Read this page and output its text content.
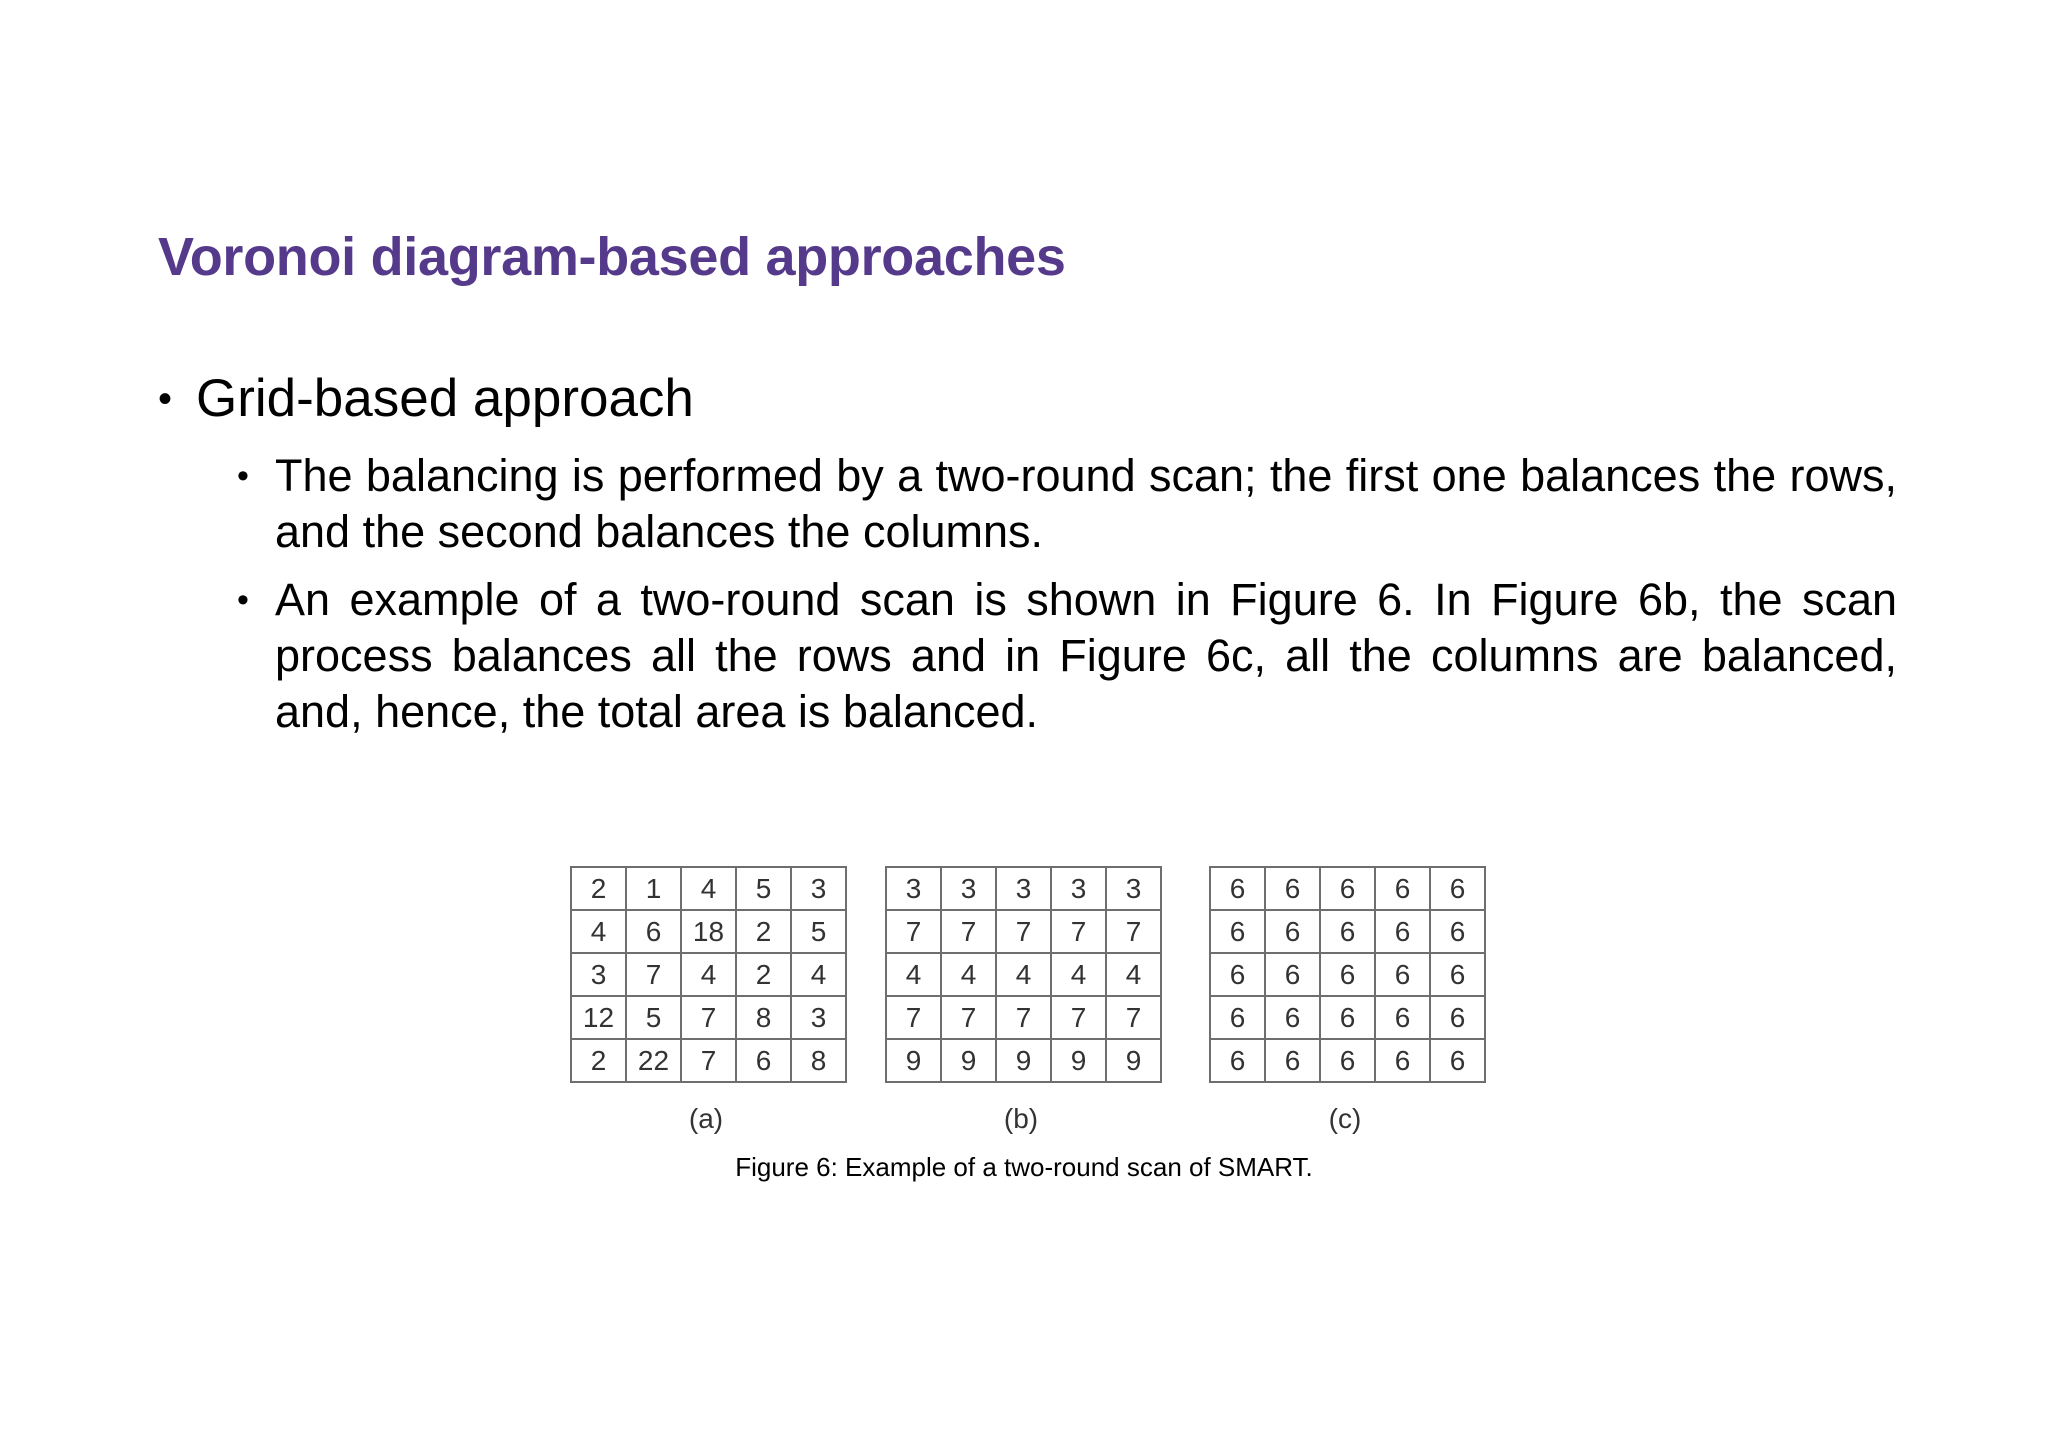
Voronoi diagram-based approaches
• Grid-based approach
• The balancing is performed by a two-round scan; the first one balances the rows, and the second balances the columns.
• An example of a two-round scan is shown in Figure 6. In Figure 6b, the scan process balances all the rows and in Figure 6c, all the columns are balanced, and, hence, the total area is balanced.
2	1	4	5	3
4	6	18	2	5
3	7	4	2	4
12	5	7	8	3
2	22	7	6	8
3	3	3	3	3
7	7	7	7	7
4	4	4	4	4
7	7	7	7	7
9	9	9	9	9
6	6	6	6	6
6	6	6	6	6
6	6	6	6	6
6	6	6	6	6
6	6	6	6	6
(a)	(b)	(c)
Figure 6: Example of a two-round scan of SMART.
